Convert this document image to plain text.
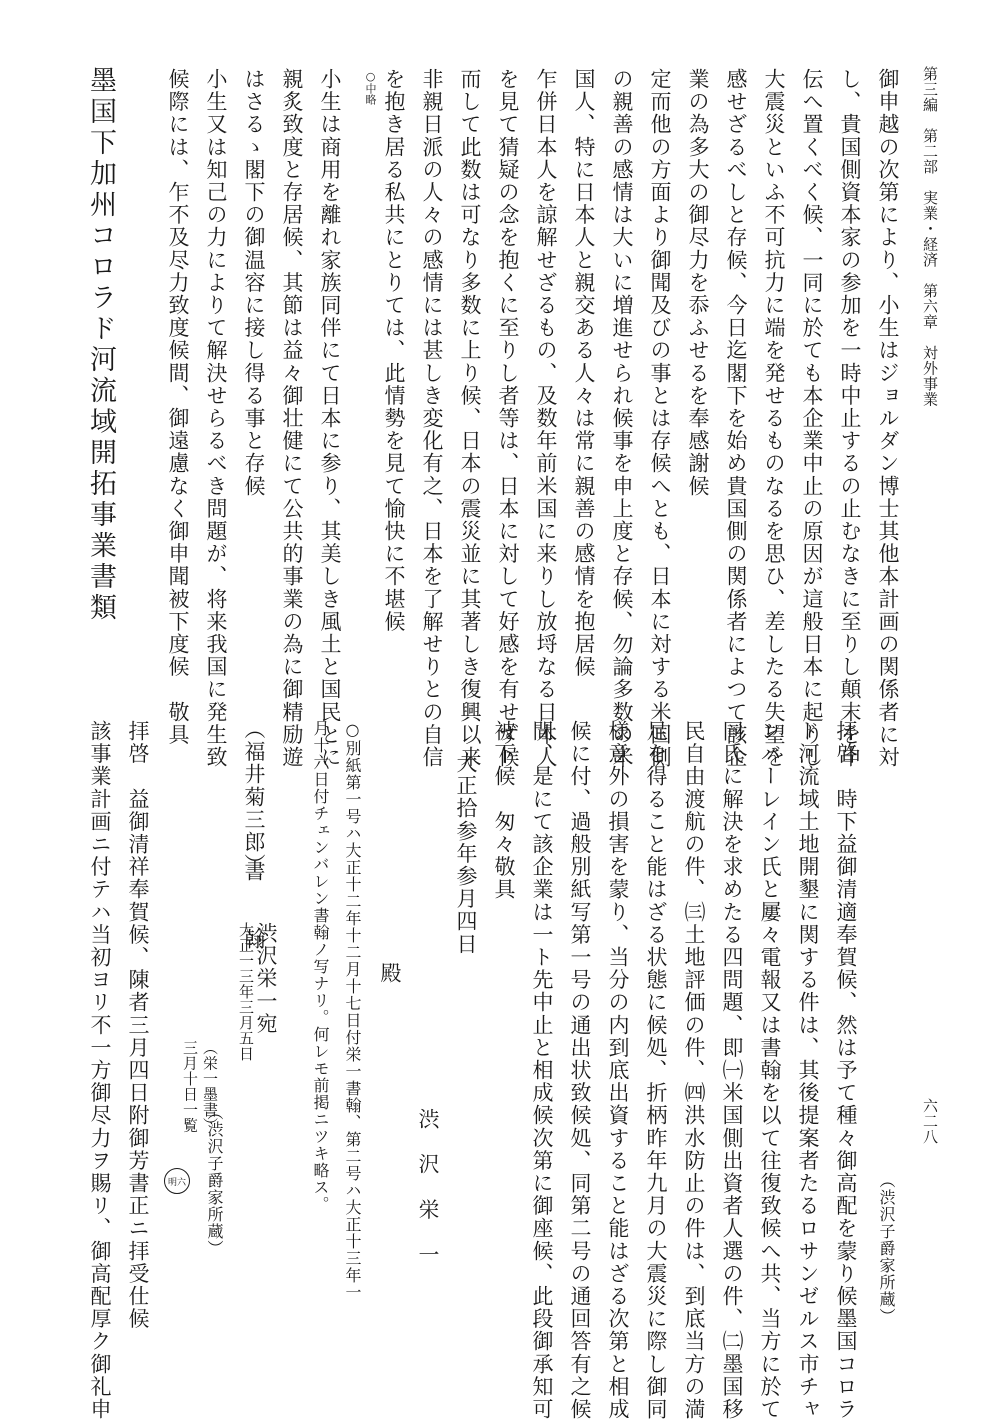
第三編　第二部　実業・経済　第六章　対外事業
六二八
御申越の次第により、小生はジョルダン博士其他本計画の関係者に対
し、貴国側資本家の参加を一時中止するの止むなきに至りし顛末を申
伝へ置くべく候、一同に於ても本企業中止の原因が這般日本に起りし
大震災といふ不可抗力に端を発せるものなるを思ひ、差したる失望を
感せざるべしと存候、今日迄閣下を始め貴国側の関係者によつて該企
業の為多大の御尽力を忝ふせるを奉感謝候
定而他の方面より御聞及びの事とは存候へとも、日本に対する米国側
の親善の感情は大いに増進せられ候事を申上度と存候、勿論多数の米
国人、特に日本人と親交ある人々は常に親善の感情を抱居候
乍併日本人を諒解せざるもの、及数年前米国に来りし放埒なる日本人
を見て猜疑の念を抱くに至りし者等は、日本に対して好感を有せず候
而して此数は可なり多数に上り候、日本の震災並に其著しき復興以来
非親日派の人々の感情には甚しき変化有之、日本を了解せりとの自信
を抱き居る私共にとりては、此情勢を見て愉快に不堪候
○中略
小生は商用を離れ家族同伴にて日本に参り、其美しき風土と国民とに
親炙致度と存居候、其節は益々御壮健にて公共的事業の為に御精励遊
はさるゝ閣下の御温容に接し得る事と存候
小生又は知己の力によりて解決せらるべき問題が、将来我国に発生致
候際には、乍不及尽力致度候間、御遠慮なく御申聞被下度候　敬具
墨国下加州コロラド河流域開拓事業書類
（渋沢子爵家所蔵）
拝啓　時下益御清適奉賀候、然は予て種々御高配を蒙り候墨国コロラ
ド河流域土地開墾に関する件は、其後提案者たるロサンゼルス市チャ
ンバーレイン氏と屢々電報又は書翰を以て往復致候へ共、当方に於て
同氏に解決を求めたる四問題、即㈠米国側出資者人選の件、㈡墨国移
民自由渡航の件、㈢土地評価の件、㈣洪水防止の件は、到底当方の満
足を得ること能はざる状態に候処、折柄昨年九月の大震災に際し御同
様意外の損害を蒙り、当分の内到底出資すること能はざる次第と相成
候に付、過般別紙写第一号の通出状致候処、同第二号の通回答有之候
間、是にて該企業は一ト先中止と相成候次第に御座候、此段御承知可
被下候　匆々敬具
大正拾参年参月四日
渋　沢　栄　一
殿
○別紙第一号ハ大正十二年十二月十七日付栄一書翰、第二号ハ大正十三年一
月十六日付チェンバレン書翰ノ写ナリ。何レモ前掲ニツキ略ス。
渋沢栄一宛
大正一三年三月五日
（福井菊三郎）
書　　翰
（渋沢子爵家所蔵）
（栄一墨書）
三月十日一覧
明六
拝啓　益御清祥奉賀候、陳者三月四日附御芳書正ニ拝受仕候
該事業計画ニ付テハ当初ヨリ不一方御尽力ヲ賜リ、御高配厚ク御礼申
